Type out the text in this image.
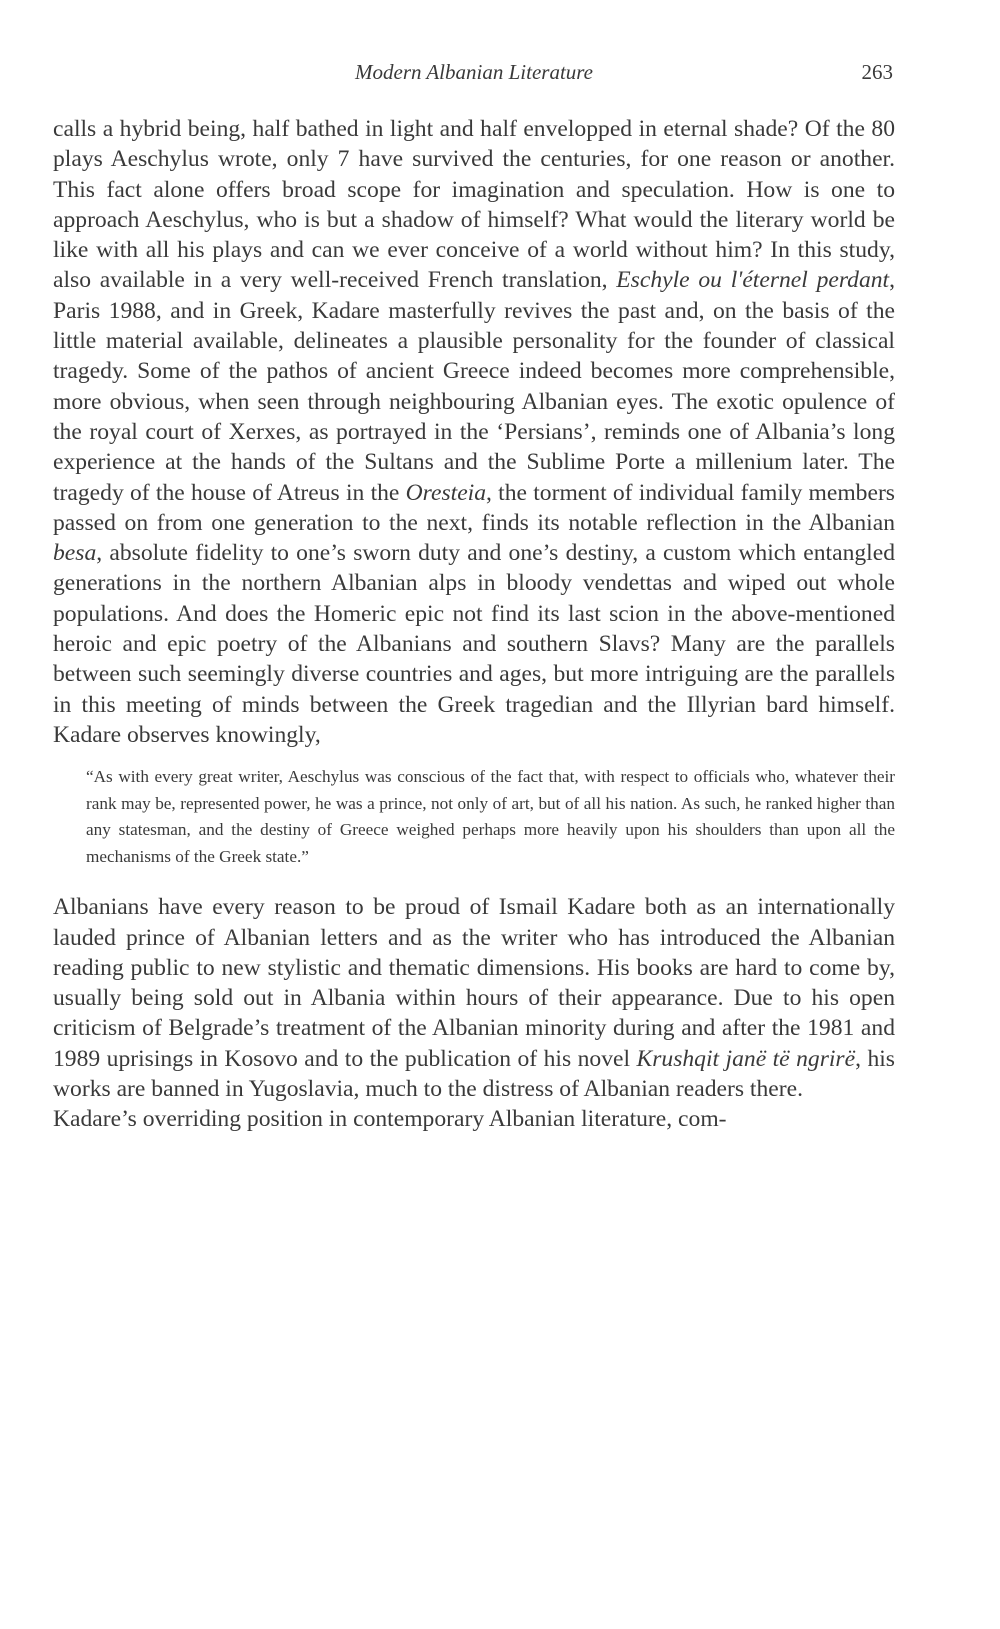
Modern Albanian Literature	263

calls a hybrid being, half bathed in light and half envelopped in eternal shade? Of the 80 plays Aeschylus wrote, only 7 have survived the centuries, for one reason or another. This fact alone offers broad scope for imagination and speculation. How is one to approach Aeschylus, who is but a shadow of himself? What would the literary world be like with all his plays and can we ever conceive of a world without him? In this study, also available in a very well-received French translation, Eschyle ou l'éternel perdant, Paris 1988, and in Greek, Kadare masterfully revives the past and, on the basis of the little material available, delineates a plausible personality for the founder of classical tragedy. Some of the pathos of ancient Greece indeed becomes more comprehensible, more obvious, when seen through neighbouring Albanian eyes. The exotic opulence of the royal court of Xerxes, as portrayed in the ‘Persians’, reminds one of Albania’s long experience at the hands of the Sultans and the Sublime Porte a millenium later. The tragedy of the house of Atreus in the Oresteia, the torment of individual family members passed on from one generation to the next, finds its notable reflection in the Albanian besa, absolute fidelity to one’s sworn duty and one’s destiny, a custom which entangled generations in the northern Albanian alps in bloody vendettas and wiped out whole populations. And does the Homeric epic not find its last scion in the above-mentioned heroic and epic poetry of the Albanians and southern Slavs? Many are the parallels between such seemingly diverse countries and ages, but more intriguing are the parallels in this meeting of minds between the Greek tragedian and the Illyrian bard himself. Kadare observes knowingly,

“As with every great writer, Aeschylus was conscious of the fact that, with respect to officials who, whatever their rank may be, represented power, he was a prince, not only of art, but of all his nation. As such, he ranked higher than any statesman, and the destiny of Greece weighed perhaps more heavily upon his shoulders than upon all the mechanisms of the Greek state.”

Albanians have every reason to be proud of Ismail Kadare both as an internationally lauded prince of Albanian letters and as the writer who has introduced the Albanian reading public to new stylistic and thematic dimensions. His books are hard to come by, usually being sold out in Albania within hours of their appearance. Due to his open criticism of Belgrade’s treatment of the Albanian minority during and after the 1981 and 1989 uprisings in Kosovo and to the publication of his novel Krushqit janë të ngrirë, his works are banned in Yugoslavia, much to the distress of Albanian readers there.

Kadare’s overriding position in contemporary Albanian literature, com-
